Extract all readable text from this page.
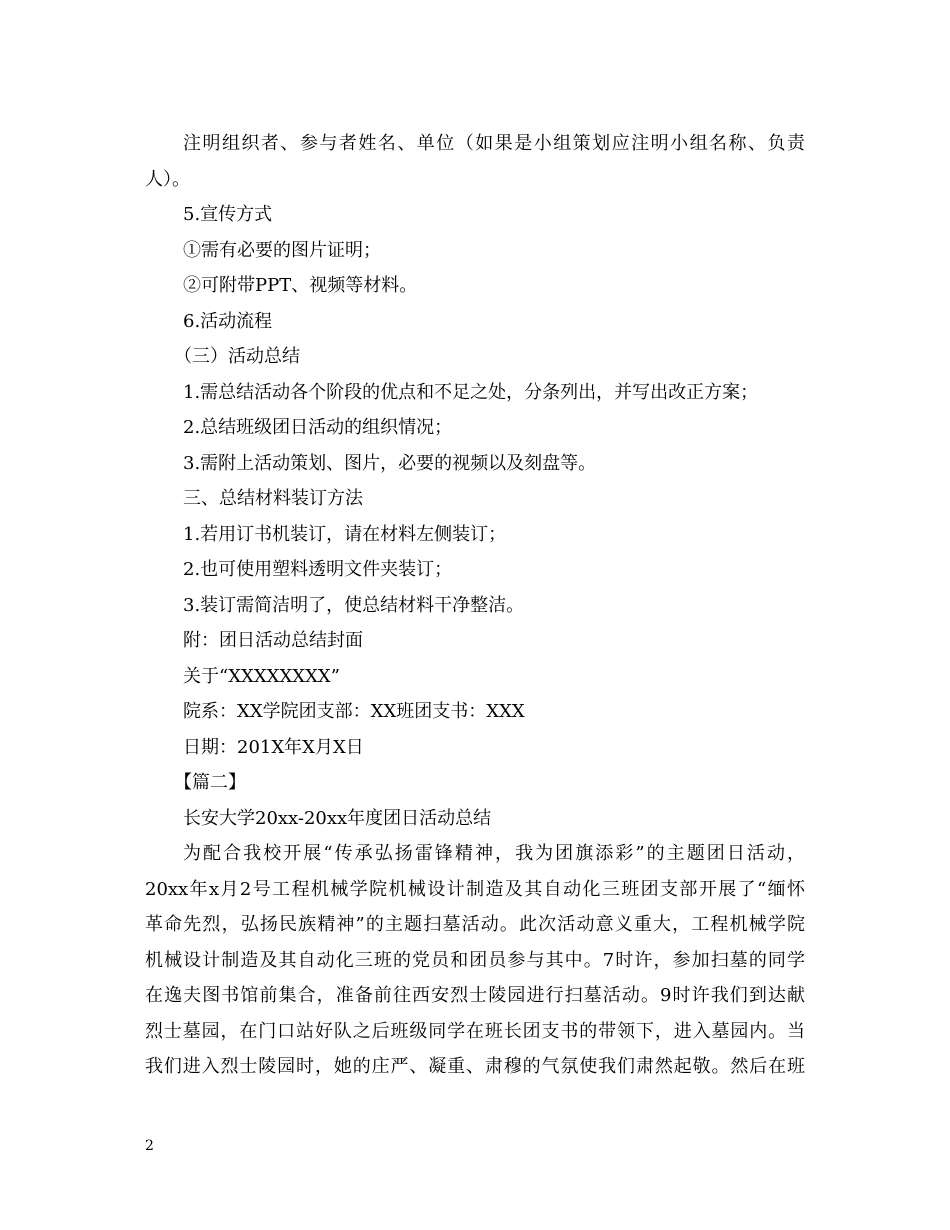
注明组织者、参与者姓名、单位（如果是小组策划应注明小组名称、负责
人）。
5.宣传方式
①需有必要的图片证明；
②可附带PPT、视频等材料。
6.活动流程
（三）活动总结
1.需总结活动各个阶段的优点和不足之处，分条列出，并写出改正方案；
2.总结班级团日活动的组织情况；
3.需附上活动策划、图片，必要的视频以及刻盘等。
三、总结材料装订方法
1.若用订书机装订，请在材料左侧装订；
2.也可使用塑料透明文件夹装订；
3.装订需简洁明了，使总结材料干净整洁。
附：团日活动总结封面
关于“XXXXXXXX”
院系：XX学院团支部：XX班团支书：XXX
日期：201X年X月X日
【篇二】
长安大学20xx-20xx年度团日活动总结
为配合我校开展“传承弘扬雷锋精神，我为团旗添彩”的主题团日活动，
20xx年x月2号工程机械学院机械设计制造及其自动化三班团支部开展了“缅怀
革命先烈，弘扬民族精神”的主题扫墓活动。此次活动意义重大，工程机械学院
机械设计制造及其自动化三班的党员和团员参与其中。7时许，参加扫墓的同学
在逸夫图书馆前集合，准备前往西安烈士陵园进行扫墓活动。9时许我们到达献
烈士墓园，在门口站好队之后班级同学在班长团支书的带领下，进入墓园内。当
我们进入烈士陵园时，她的庄严、凝重、肃穆的气氛使我们肃然起敬。然后在班
2
